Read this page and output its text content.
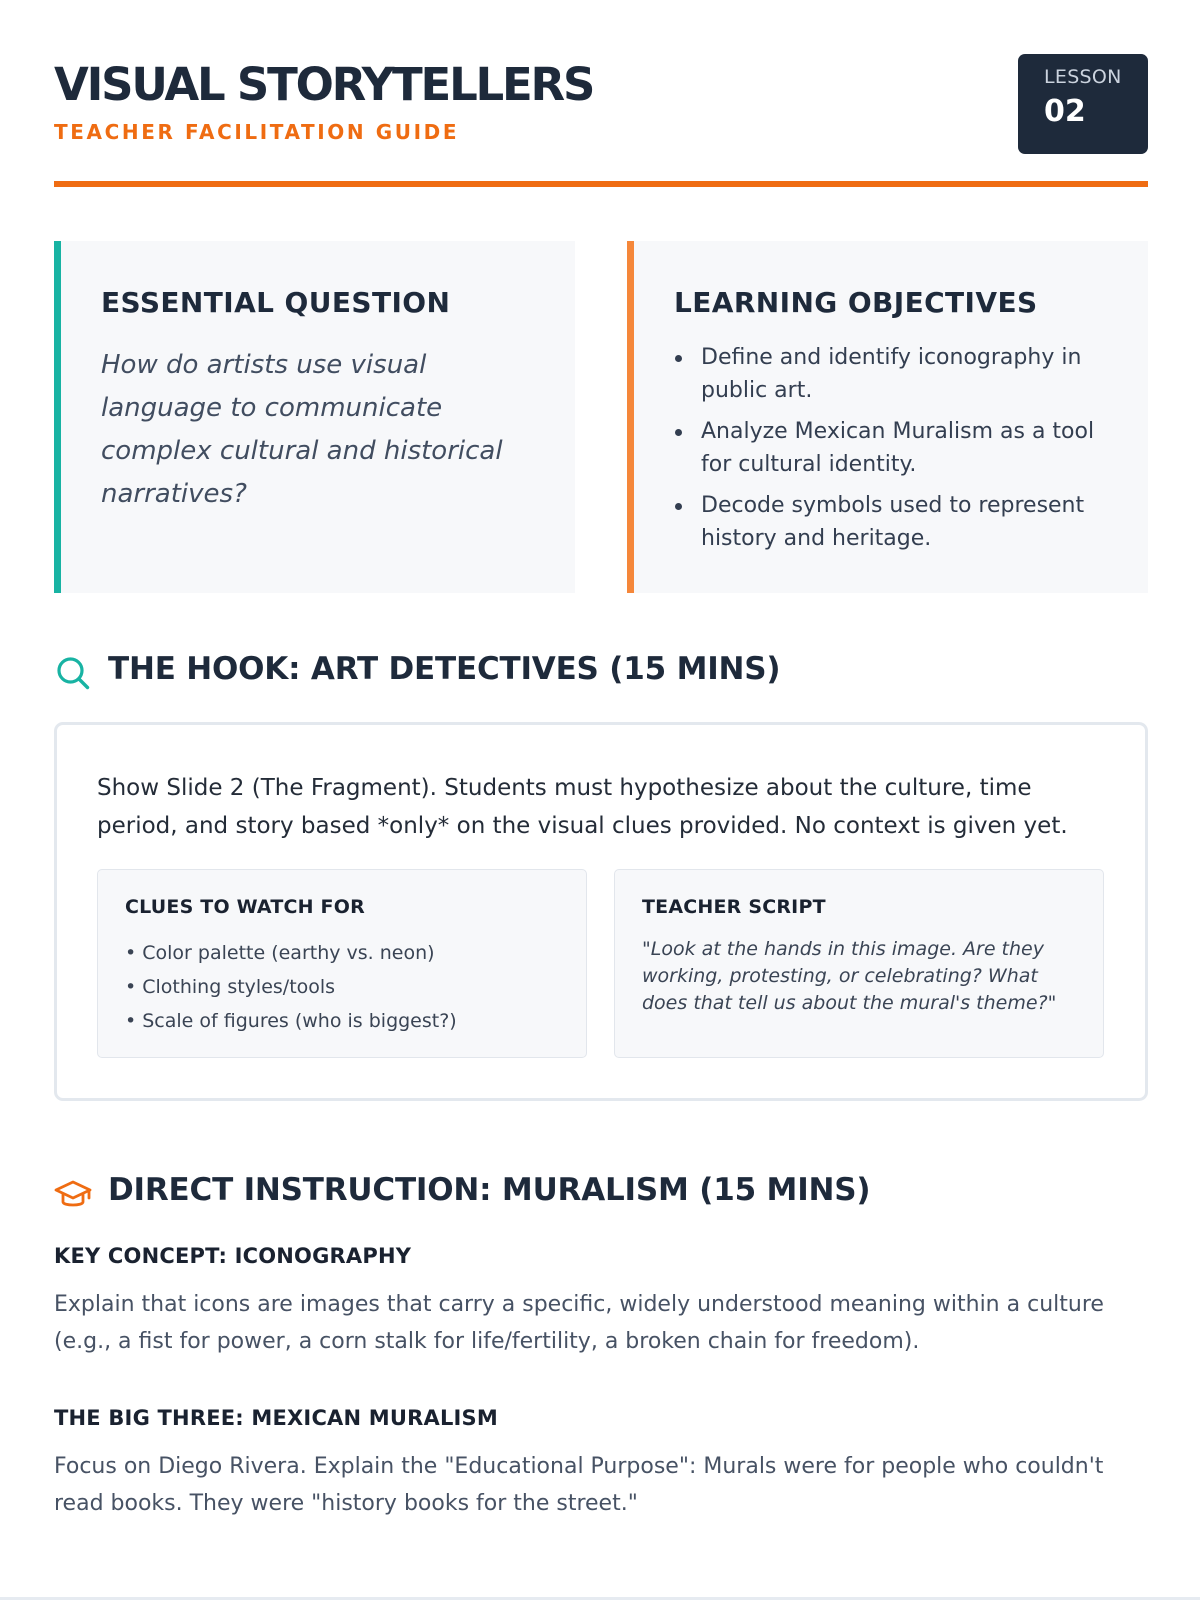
VISUAL STORYTELLERS
TEACHER FACILITATION GUIDE
LESSON
02
ESSENTIAL QUESTION
How do artists use visual language to communicate complex cultural and historical narratives?
LEARNING OBJECTIVES
Define and identify iconography in public art.
Analyze Mexican Muralism as a tool for cultural identity.
Decode symbols used to represent history and heritage.
THE HOOK: ART DETECTIVES (15 MINS)
Show Slide 2 (The Fragment). Students must hypothesize about the culture, time period, and story based *only* on the visual clues provided. No context is given yet.
CLUES TO WATCH FOR
• Color palette (earthy vs. neon)
• Clothing styles/tools
• Scale of figures (who is biggest?)
TEACHER SCRIPT
"Look at the hands in this image. Are they working, protesting, or celebrating? What does that tell us about the mural's theme?"
DIRECT INSTRUCTION: MURALISM (15 MINS)
KEY CONCEPT: ICONOGRAPHY
Explain that icons are images that carry a specific, widely understood meaning within a culture (e.g., a fist for power, a corn stalk for life/fertility, a broken chain for freedom).
THE BIG THREE: MEXICAN MURALISM
Focus on Diego Rivera. Explain the "Educational Purpose": Murals were for people who couldn't read books. They were "history books for the street."
